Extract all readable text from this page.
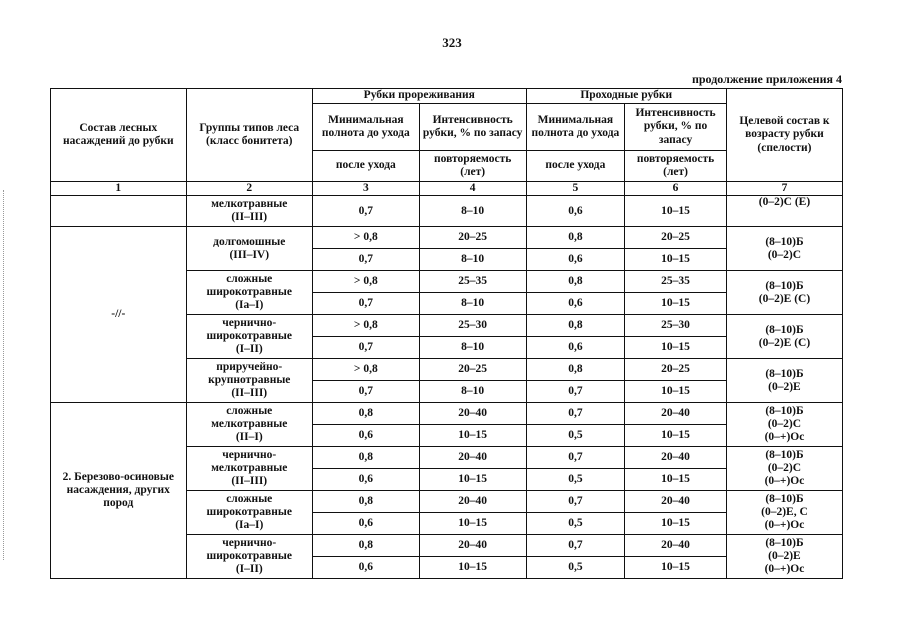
323
продолжение приложения 4
Состав лесных насаждений до рубки	Группы типов леса (класс бонитета)	Рубки прореживания		Проходные рубки		Целевой состав к возрасту рубки (спелости)

		Минимальная полнота до ухода	Интенсивность рубки, % по запасу	Минимальная полнота до ухода	Интенсивность рубки, % по запасу	

		после ухода	повторяемость (лет)	после ухода	повторяемость (лет)	

1	2	3	4	5	6	7

	мелкотравные
(II–III)	0,7	8–10	0,6	10–15	(0–2)С (Е)

-//-	долгомошные
(III–IV)	> 0,8	20–25	0,8	20–25	(8–10)Б
(0–2)С

		0,7	8–10	0,6	10–15	

	сложные
широкотравные
(Ia–I)	> 0,8	25–35	0,8	25–35	(8–10)Б
(0–2)Е (С)

		0,7	8–10	0,6	10–15	

	чернично-
широкотравные
(I–II)	> 0,8	25–30	0,8	25–30	(8–10)Б
(0–2)Е (С)

		0,7	8–10	0,6	10–15	

	приручейно-
крупнотравные
(II–III)	> 0,8	20–25	0,8	20–25	(8–10)Б
(0–2)Е

		0,7	8–10	0,7	10–15	

2. Березово-осиновые насаждения, других пород	сложные
мелкотравные
(II–I)	0,8	20–40	0,7	20–40	(8–10)Б
(0–2)С
(0–+)Ос

		0,6	10–15	0,5	10–15	

	чернично-
мелкотравные
(II–III)	0,8	20–40	0,7	20–40	(8–10)Б
(0–2)С
(0–+)Ос

		0,6	10–15	0,5	10–15	

	сложные
широкотравные
(Ia–I)	0,8	20–40	0,7	20–40	(8–10)Б
(0–2)Е, С
(0–+)Ос

		0,6	10–15	0,5	10–15	

	чернично-
широкотравные
(I–II)	0,8	20–40	0,7	20–40	(8–10)Б
(0–2)Е
(0–+)Ос

		0,6	10–15	0,5	10–15	
